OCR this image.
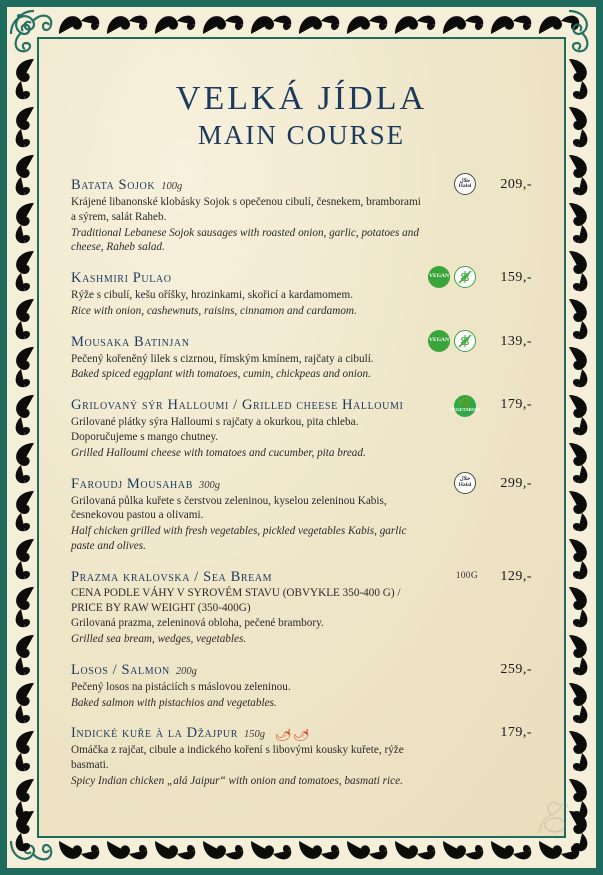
VELKÁ JÍDLA
MAIN COURSE
حلال
Halal	209,-
Batata Sojok 100g
Krájené libanonské klobásky Sojok s opečenou cibulí, česnekem, bramborami a sýrem, salát Raheb.
Traditional Lebanese Sojok sausages with roasted onion, garlic, potatoes and cheese, Raheb salad.
VEGAN	159,-
Kashmiri Pulao
Rýže s cibulí, kešu oříšky, hrozinkami, skořicí a kardamomem.
Rice with onion, cashewnuts, raisins, cinnamon and cardamom.
VEGAN	139,-
Mousaka Batinjan
Pečený kořeněný lilek s cizrnou, římským kmínem, rajčaty a cibulí.
Baked spiced eggplant with tomatoes, cumin, chickpeas and onion.
🌿
VEGETARIAN 179,-
Grilovaný sýr Halloumi / Grilled cheese Halloumi
Grilované plátky sýra Halloumi s rajčaty a okurkou, pita chleba. Doporučujeme s mango chutney.
Grilled Halloumi cheese with tomatoes and cucumber, pita bread.
حلال
Halal	299,-
Faroudj Mousahab 300g
Grilovaná půlka kuřete s čerstvou zeleninou, kyselou zeleninou Kabis, česnekovou pastou a olivami.
Half chicken grilled with fresh vegetables, pickled vegetables Kabis, garlic paste and olives.
100G 129,-
Prazma kralovska / Sea Bream
CENA PODLE VÁHY V SYROVÉM STAVU (OBVYKLE 350-400 G) / PRICE BY RAW WEIGHT (350-400G)
Grilovaná prazma, zeleninová obloha, pečené brambory.
Grilled sea bream, wedges, vegetables.
259,-
Losos / Salmon 200g
Pečený losos na pistáciích s máslovou zeleninou.
Baked salmon with pistachios and vegetables.
179,-
Indické kuře à la Džajpur 150g 🌶
🌶
Omáčka z rajčat, cibule a indického koření s libovými kousky kuřete, rýže basmati.
Spicy Indian chicken „alá Jaipur“ with onion and tomatoes, basmati rice.
